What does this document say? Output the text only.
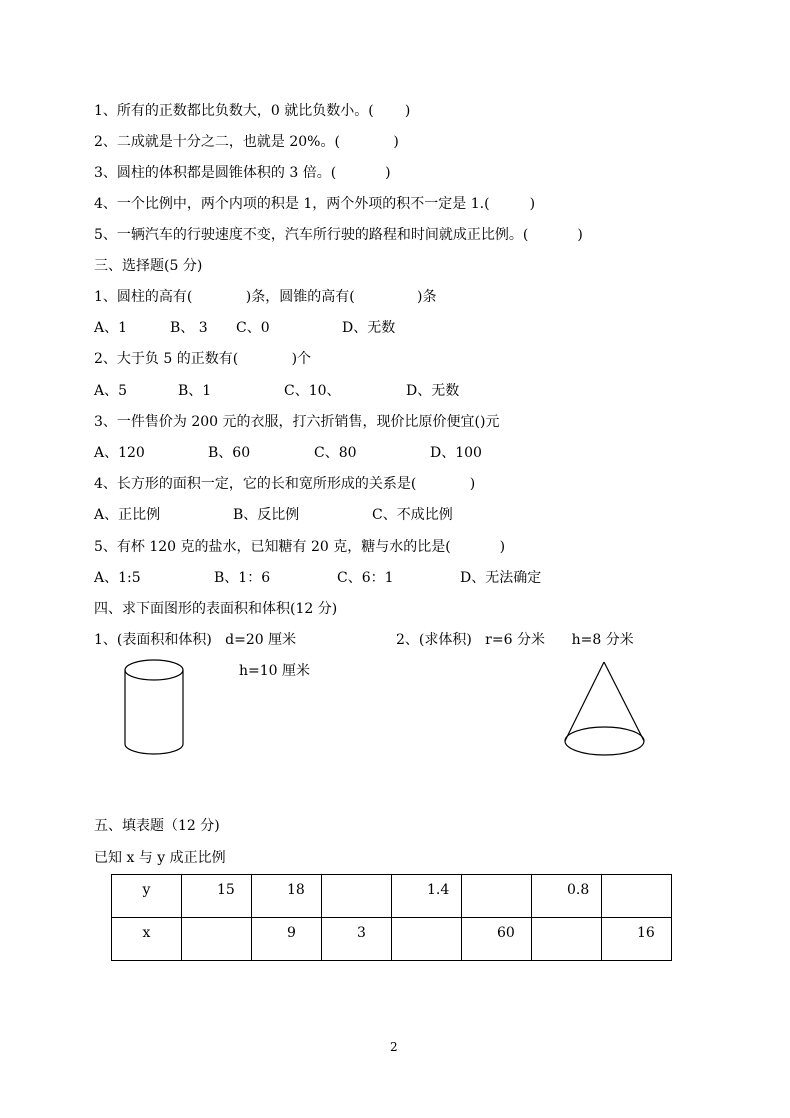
1、所有的正数都比负数大，0 就比负数小。(       )
2、二成就是十分之二，也就是 20%。(            )
3、圆柱的体积都是圆锥体积的 3 倍。(           )
4、一个比例中，两个内项的积是 1，两个外项的积不一定是 1.(         )
5、一辆汽车的行驶速度不变，汽车所行驶的路程和时间就成正比例。(           )
三、选择题(5 分)
1、圆柱的高有(            )条，圆锥的高有(              )条
A、1	B、 3 C、0	D、无数
2、大于负 5 的正数有(            )个
A、5	B、1	C、10、	D、无数
3、一件售价为 200 元的衣服，打六折销售，现价比原价便宜()元
A、120	B、60	C、80	D、100
4、长方形的面积一定，它的长和宽所形成的关系是(            )
A、正比例	B、反比例	C、不成比例
5、有杯 120 克的盐水，已知糖有 20 克，糖与水的比是(           )
A、1:5	B、1：6	C、6：1	D、无法确定
四、求下面图形的表面积和体积(12 分)
1、(表面积和体积)   d=20 厘米	2、(求体积)   r=6 分米      h=8 分米
h=10 厘米
五、填表题（12 分)
已知 x 与 y 成正比例
y	15	18		1.4		0.8	
x		9	3		60		16
2
